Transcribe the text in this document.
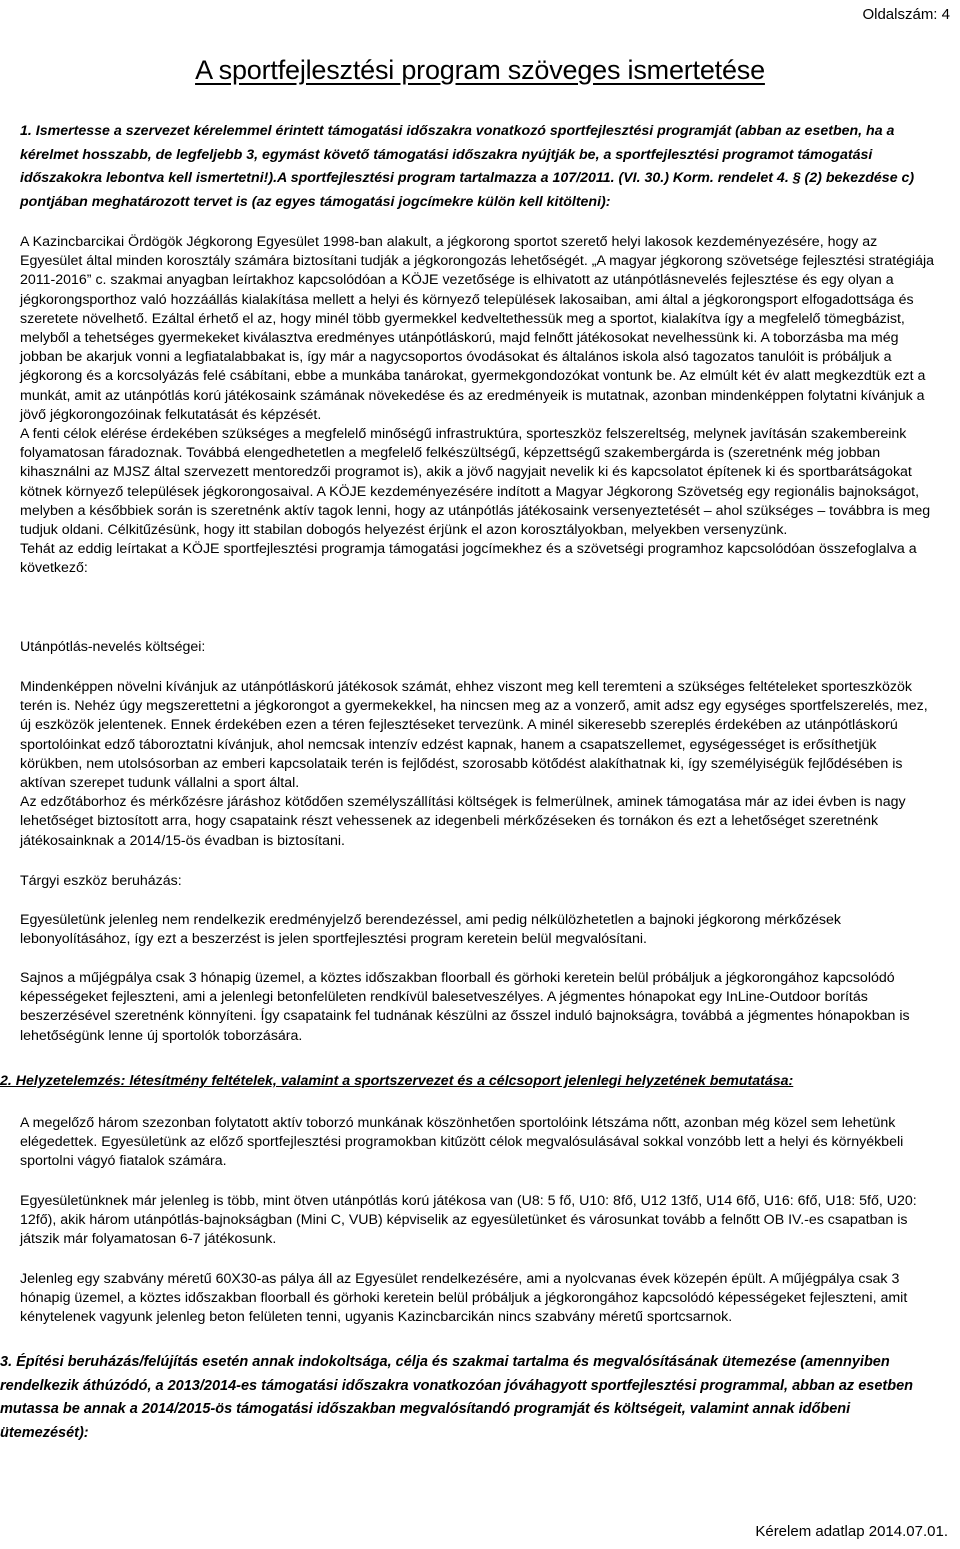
Oldalszám: 4
A sportfejlesztési program szöveges ismertetése

1. Ismertesse a szervezet kérelemmel érintett támogatási időszakra vonatkozó sportfejlesztési programját (abban az esetben, ha a kérelmet hosszabb, de legfeljebb 3, egymást követő támogatási időszakra nyújtják be, a sportfejlesztési programot támogatási időszakokra lebontva kell ismertetni!).A sportfejlesztési program tartalmazza a 107/2011. (VI. 30.) Korm. rendelet 4. § (2) bekezdése c) pontjában meghatározott tervet is (az egyes támogatási jogcímekre külön kell kitölteni):

A Kazincbarcikai Ördögök Jégkorong Egyesület 1998-ban alakult, a jégkorong sportot szerető helyi lakosok kezdeményezésére, hogy az Egyesület által minden korosztály számára biztosítani tudják a jégkorongozás lehetőségét. „A magyar jégkorong szövetsége fejlesztési stratégiája 2011-2016” c. szakmai anyagban leírtakhoz kapcsolódóan a KÖJE vezetősége is elhivatott az utánpótlásnevelés fejlesztése és egy olyan a jégkorongsporthoz való hozzáállás kialakítása mellett a helyi és környező települések lakosaiban, ami által a jégkorongsport elfogadottsága és szeretete növelhető. Ezáltal érhető el az, hogy minél több gyermekkel kedveltethessük meg a sportot, kialakítva így a megfelelő tömegbázist, melyből a tehetséges gyermekeket kiválasztva eredményes utánpótláskorú, majd felnőtt játékosokat nevelhessünk ki. A toborzásba ma még jobban be akarjuk vonni a legfiatalabbakat is, így már a nagycsoportos óvodásokat és általános iskola alsó tagozatos tanulóit is próbáljuk a jégkorong és a korcsolyázás felé csábítani, ebbe a munkába tanárokat, gyermekgondozókat vontunk be. Az elmúlt két év alatt megkezdtük ezt a munkát, amit az utánpótlás korú játékosaink számának növekedése és az eredményeik is mutatnak, azonban mindenképpen folytatni kívánjuk a jövő jégkorongozóinak felkutatását és képzését.

A fenti célok elérése érdekében szükséges a megfelelő minőségű infrastruktúra, sporteszköz felszereltség, melynek javításán szakembereink folyamatosan fáradoznak. Továbbá elengedhetetlen a megfelelő felkészültségű, képzettségű szakembergárda is (szeretnénk még jobban kihasználni az MJSZ által szervezett mentoredzői programot is), akik a jövő nagyjait nevelik ki és kapcsolatot építenek ki és sportbarátságokat kötnek környező települések jégkorongosaival. A KÖJE kezdeményezésére indított a Magyar Jégkorong Szövetség egy regionális bajnokságot, melyben a későbbiek során is szeretnénk aktív tagok lenni, hogy az utánpótlás játékosaink versenyeztetését – ahol szükséges – továbbra is meg tudjuk oldani. Célkitűzésünk, hogy itt stabilan dobogós helyezést érjünk el azon korosztályokban, melyekben versenyzünk.

Tehát az eddig leírtakat a KÖJE sportfejlesztési programja támogatási jogcímekhez és a szövetségi programhoz kapcsolódóan összefoglalva a következő:

Utánpótlás-nevelés költségei:

Mindenképpen növelni kívánjuk az utánpótláskorú játékosok számát, ehhez viszont meg kell teremteni a szükséges feltételeket sporteszközök terén is. Nehéz úgy megszerettetni a jégkorongot a gyermekekkel, ha nincsen meg az a vonzerő, amit adsz egy egységes sportfelszerelés, mez, új eszközök jelentenek. Ennek érdekében ezen a téren fejlesztéseket tervezünk. A minél sikeresebb szereplés érdekében az utánpótláskorú sportolóinkat edző táboroztatni kívánjuk, ahol nemcsak intenzív edzést kapnak, hanem a csapatszellemet, egységességet is erősíthetjük körükben, nem utolsósorban az emberi kapcsolataik terén is fejlődést, szorosabb kötődést alakíthatnak ki, így személyiségük fejlődésében is aktívan szerepet tudunk vállalni a sport által.

Az edzőtáborhoz és mérkőzésre járáshoz kötődően személyszállítási költségek is felmerülnek, aminek támogatása már az idei évben is nagy lehetőséget biztosított arra, hogy csapataink részt vehessenek az idegenbeli mérkőzéseken és tornákon és ezt a lehetőséget szeretnénk játékosainknak a 2014/15-ös évadban is biztosítani.

Tárgyi eszköz beruházás:

Egyesületünk jelenleg nem rendelkezik eredményjelző berendezéssel, ami pedig nélkülözhetetlen a bajnoki jégkorong mérkőzések lebonyolításához, így ezt a beszerzést is jelen sportfejlesztési program keretein belül megvalósítani.

Sajnos a műjégpálya csak 3 hónapig üzemel, a köztes időszakban floorball és görhoki keretein belül próbáljuk a jégkorongához kapcsolódó képességeket fejleszteni, ami a jelenlegi betonfelületen rendkívül balesetveszélyes. A jégmentes hónapokat egy InLine-Outdoor borítás beszerzésével szeretnénk könnyíteni. Így csapataink fel tudnának készülni az ősszel induló bajnokságra, továbbá a jégmentes hónapokban is lehetőségünk lenne új sportolók toborzására.

2. Helyzetelemzés: létesítmény feltételek, valamint a sportszervezet és a célcsoport jelenlegi helyzetének bemutatása:

A megelőző három szezonban folytatott aktív toborzó munkának köszönhetően sportolóink létszáma nőtt, azonban még közel sem lehetünk elégedettek. Egyesületünk az előző sportfejlesztési programokban kitűzött célok megvalósulásával sokkal vonzóbb lett a helyi és környékbeli sportolni vágyó fiatalok számára.

Egyesületünknek már jelenleg is több, mint ötven utánpótlás korú játékosa van (U8: 5 fő, U10: 8fő, U12 13fő, U14 6fő, U16: 6fő, U18: 5fő, U20: 12fő), akik három utánpótlás-bajnokságban (Mini C, VUB) képviselik az egyesületünket és városunkat tovább a felnőtt OB IV.-es csapatban is játszik már folyamatosan 6-7 játékosunk.

Jelenleg egy szabvány méretű 60X30-as pálya áll az Egyesület rendelkezésére, ami a nyolcvanas évek közepén épült. A műjégpálya csak 3 hónapig üzemel, a köztes időszakban floorball és görhoki keretein belül próbáljuk a jégkorongához kapcsolódó képességeket fejleszteni, amit kénytelenek vagyunk jelenleg beton felületen tenni, ugyanis Kazincbarcikán nincs szabvány méretű sportcsarnok.

3. Építési beruházás/felújítás esetén annak indokoltsága, célja és szakmai tartalma és megvalósításának ütemezése (amennyiben rendelkezik áthúzódó, a 2013/2014-es támogatási időszakra vonatkozóan jóváhagyott sportfejlesztési programmal, abban az esetben mutassa be annak a 2014/2015-ös támogatási időszakban megvalósítandó programját és költségeit, valamint annak időbeni ütemezését):

Kérelem adatlap 2014.07.01.
